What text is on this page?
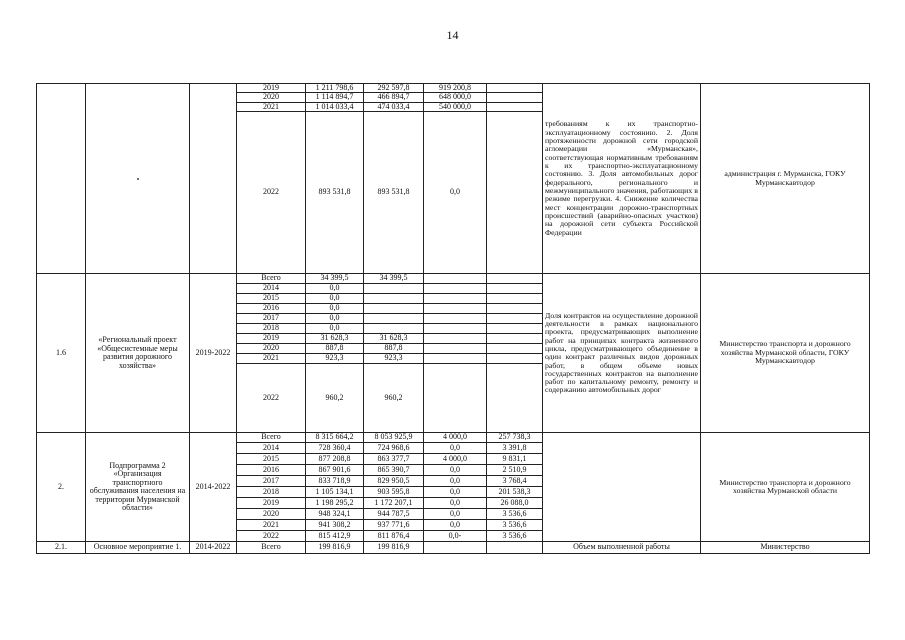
14
			2019	1 211 798,6	292 597,8	919 200,8		требованиям к их транспортно-эксплуатационному состоянию. 2. Доля протяженности дорожной сети городской агломерации «Мурманская», соответствующая нормативным требованиям к их транспортно-эксплуатационному состоянию. 3. Доля автомобильных дорог федерального, регионального и межмуниципального значения, работающих в режиме перегрузки. 4. Снижение количества мест концентрации дорожно-транспортных происшествий (аварийно-опасных участков) на дорожной сети субъекта Российской Федерации	администрация г. Мурманска, ГОКУ Мурманскавтодор	
			2020	1 114 894,7	466 894,7	648 000,0				
			2021	1 014 033,4	474 033,4	540 000,0				
			2022	893 531,8	893 531,8	0,0				
1.6	«Региональный проект «Общесистемные меры развития дорожного хозяйства»	2019-2022	Всего	34 399,5	34 399,5			Доля контрактов на осуществление дорожной деятельности в рамках национального проекта, предусматривающих выполнение работ на принципах контракта жизненного цикла, предусматривающего объединение в один контракт различных видов дорожных работ, в общем объеме новых государственных контрактов на выполнение работ по капитальному ремонту, ремонту и содержанию автомобильных дорог	Министерство транспорта и дорожного хозяйства Мурманской области, ГОКУ Мурманскавтодор	
			2014	0,0						
			2015	0,0						
			2016	0,0						
			2017	0,0						
			2018	0,0						
			2019	31 628,3	31 628,3					
			2020	887,8	887,8					
			2021	923,3	923,3					
			2022	960,2	960,2					
2.	Подпрограмма 2 «Организация транспортного обслуживания населения на территории Мурманской области»	2014-2022	Всего	8 315 664,2	8 053 925,9	4 000,0	257 738,3		Министерство транспорта и дорожного хозяйства Мурманской области	
			2014	728 360,4	724 968,6	0,0	3 391,8			
			2015	877 208,8	863 377,7	4 000,0	9 831,1			
			2016	867 901,6	865 390,7	0,0	2 510,9			
			2017	833 718,9	829 950,5	0,0	3 768,4			
			2018	1 105 134,1	903 595,8	0,0	201 538,3			
			2019	1 198 295,2	1 172 207,1	0,0	26 088,0			
			2020	948 324,1	944 787,5	0,0	3 536,6			
			2021	941 308,2	937 771,6	0,0	3 536,6			
			2022	815 412,9	811 876,4	0,0-	3 536,6			
2.1.	Основное мероприятие 1.	2014-2022	Всего	199 816,9	199 816,9			Объем выполненной работы	Министерство	
